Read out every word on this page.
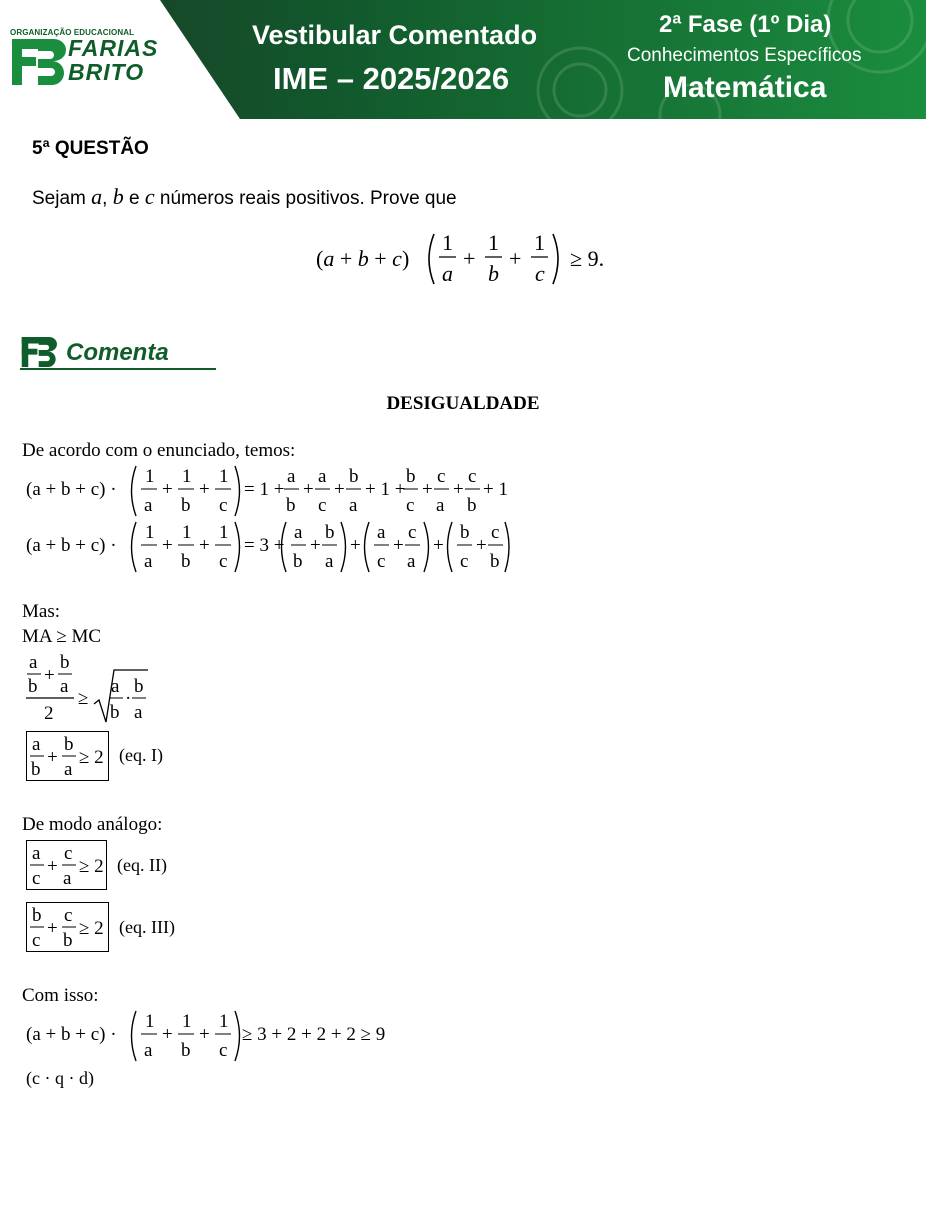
ORGANIZAÇÃO EDUCACIONAL
FARIAS
BRITO
Vestibular Comentado
IME – 2025/2026
2ª Fase (1º Dia)
Conhecimentos Específicos
Matemática
5ª QUESTÃO
Sejam a, b e c números reais positivos. Prove que
(a + b + c)
1
a
+
1
b
+
1
c
≥ 9.
Comenta
DESIGUALDADE
De acordo com o enunciado, temos:
(a + b + c) ·
1
a
+
1
b
+
1
c
= 1 +
a
b
+
a
c
+
b
a
+ 1 +
b
c
+
c
a
+
c
b
+ 1
(a + b + c) ·
1
a
+
1
b
+
1
c
= 3 +
a
b
+
b
a
+
a
c
+
c
a
+
b
c
+
c
b
Mas:
MA ≥ MC
a
b
+
b
a
2
≥
a
b
·
b
a
a
b
+
b
a
≥ 2 (eq. I)
De modo análogo:
a
c
+
c
a
≥ 2 (eq. II)
b
c
+
c
b
≥ 2 (eq. III)
Com isso:
(a + b + c) ·
1
a
+
1
b
+
1
c
≥ 3 + 2 + 2 + 2 ≥ 9
(c · q · d)
